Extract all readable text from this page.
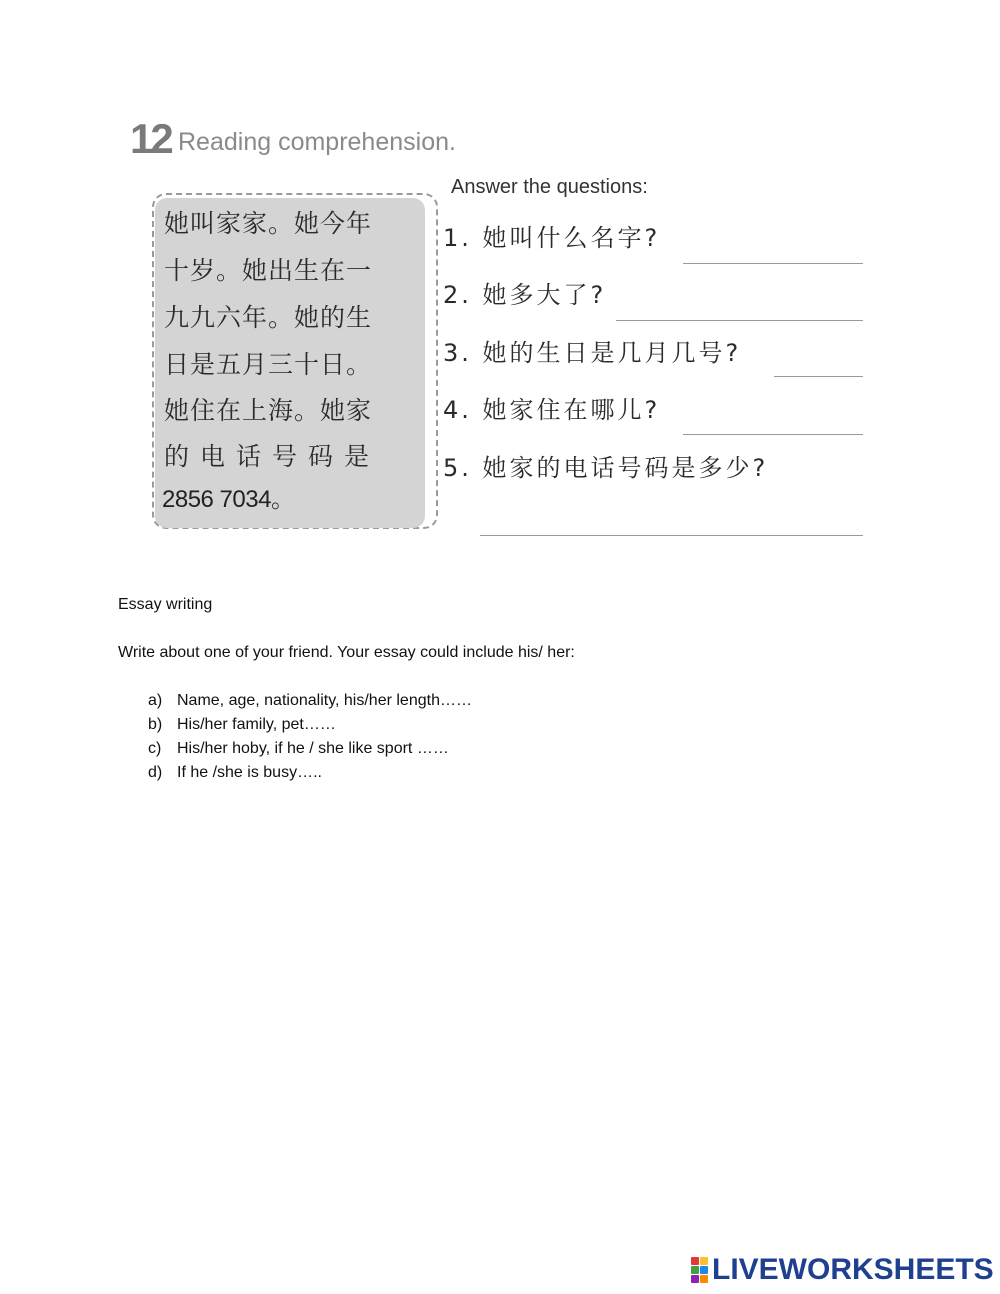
12 Reading comprehension.
她叫家家。她今年
十岁。她出生在一
九九六年。她的生
日是五月三十日。
她住在上海。她家
的电话号码是
2856 7034。
Answer the questions:
1. 她叫什么名字?
2. 她多大了?
3. 她的生日是几月几号?
4. 她家住在哪儿?
5. 她家的电话号码是多少?
Essay writing
Write about one of your friend. Your essay could include his/ her:
a) Name, age, nationality, his/her length……
b) His/her family, pet……
c) His/her hoby, if he / she like sport ……
d) If he /she is busy…..
LIVEWORKSHEETS
